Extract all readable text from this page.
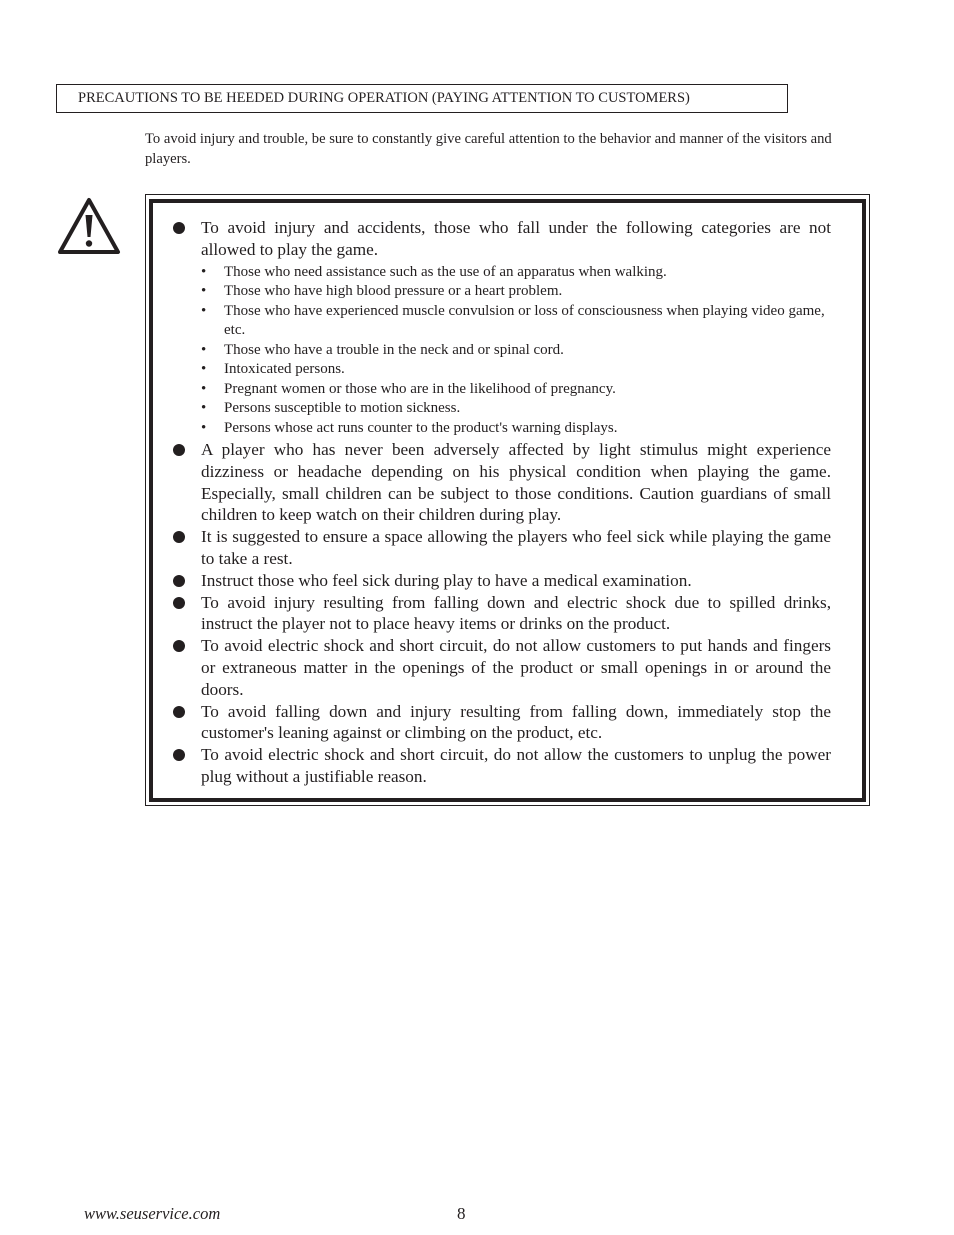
PRECAUTIONS TO BE HEEDED DURING OPERATION (PAYING ATTENTION TO CUSTOMERS)

To avoid injury and trouble, be sure to constantly give careful attention to the behavior and manner of the visitors and players.

To avoid injury and accidents, those who fall under the following categories are not allowed to play the game.
• Those who need assistance such as the use of an apparatus when walking.
• Those who have high blood pressure or a heart problem.
• Those who have experienced muscle convulsion or loss of consciousness when playing video game, etc.
• Those who have a trouble in the neck and or spinal cord.
• Intoxicated persons.
• Pregnant women or those who are in the likelihood of pregnancy.
• Persons susceptible to motion sickness.
• Persons whose act runs counter to the product's warning displays.
A player who has never been adversely affected by light stimulus might experience dizziness or headache depending on his physical condition when playing the game. Especially, small children can be subject to those conditions. Caution guardians of small children to keep watch on their children during play.
It is suggested to ensure a space allowing the players who feel sick while playing the game to take a rest.
Instruct those who feel sick during play to have a medical examination.
To avoid injury resulting from falling down and electric shock due to spilled drinks, instruct the player not to place heavy items or drinks on the product.
To avoid electric shock and short circuit, do not allow customers to put hands and fingers or extraneous matter in the openings of the product or small openings in or around the doors.
To avoid falling down and injury resulting from falling down, immediately stop the customer's leaning against or climbing on the product, etc.
To avoid electric shock and short circuit, do not allow the customers to unplug the power plug without a justifiable reason.
www.seuservice.com	8
